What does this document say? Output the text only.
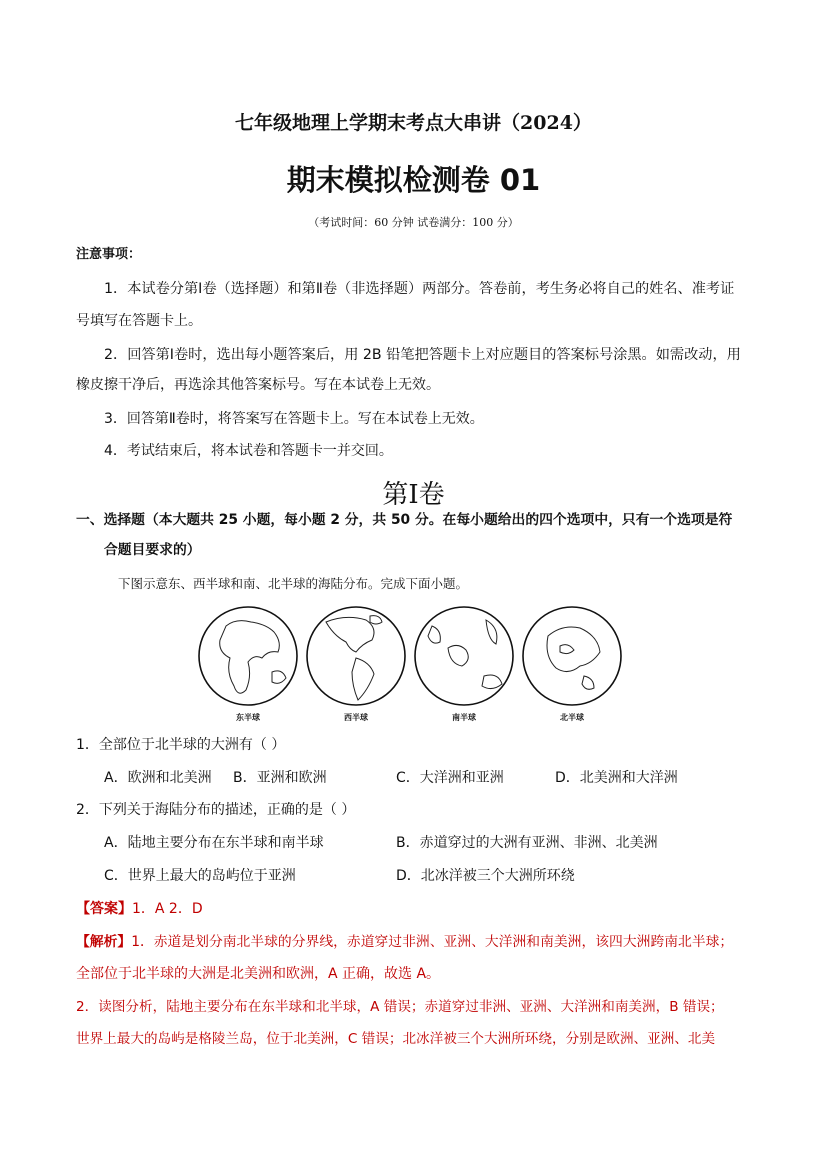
七年级地理上学期末考点大串讲（2024）
期末模拟检测卷 01
（考试时间：60 分钟 试卷满分：100 分）
注意事项：
1．本试卷分第Ⅰ卷（选择题）和第Ⅱ卷（非选择题）两部分。答卷前，考生务必将自己的姓名、准考证
号填写在答题卡上。
2．回答第Ⅰ卷时，选出每小题答案后，用 2B 铅笔把答题卡上对应题目的答案标号涂黑。如需改动，用
橡皮擦干净后，再选涂其他答案标号。写在本试卷上无效。
3．回答第Ⅱ卷时，将答案写在答题卡上。写在本试卷上无效。
4．考试结束后，将本试卷和答题卡一并交回。
第Ⅰ卷
一、选择题（本大题共 25 小题，每小题 2 分，共 50 分。在每小题给出的四个选项中，只有一个选项是符
合题目要求的）
下图示意东、西半球和南、北半球的海陆分布。完成下面小题。
东半球	西半球	南半球	北半球
1．全部位于北半球的大洲有（ ）
A．欧洲和北美洲 B．亚洲和欧洲	C．大洋洲和亚洲	D．北美洲和大洋洲
2．下列关于海陆分布的描述，正确的是（ ）
A．陆地主要分布在东半球和南半球	B．赤道穿过的大洲有亚洲、非洲、北美洲
C．世界上最大的岛屿位于亚洲	D．北冰洋被三个大洲所环绕
【答案】1．A 2．D
【解析】1．赤道是划分南北半球的分界线，赤道穿过非洲、亚洲、大洋洲和南美洲，该四大洲跨南北半球；
全部位于北半球的大洲是北美洲和欧洲，A 正确，故选 A。
2．读图分析，陆地主要分布在东半球和北半球，A 错误；赤道穿过非洲、亚洲、大洋洲和南美洲，B 错误；
世界上最大的岛屿是格陵兰岛，位于北美洲，C 错误；北冰洋被三个大洲所环绕，分别是欧洲、亚洲、北美
